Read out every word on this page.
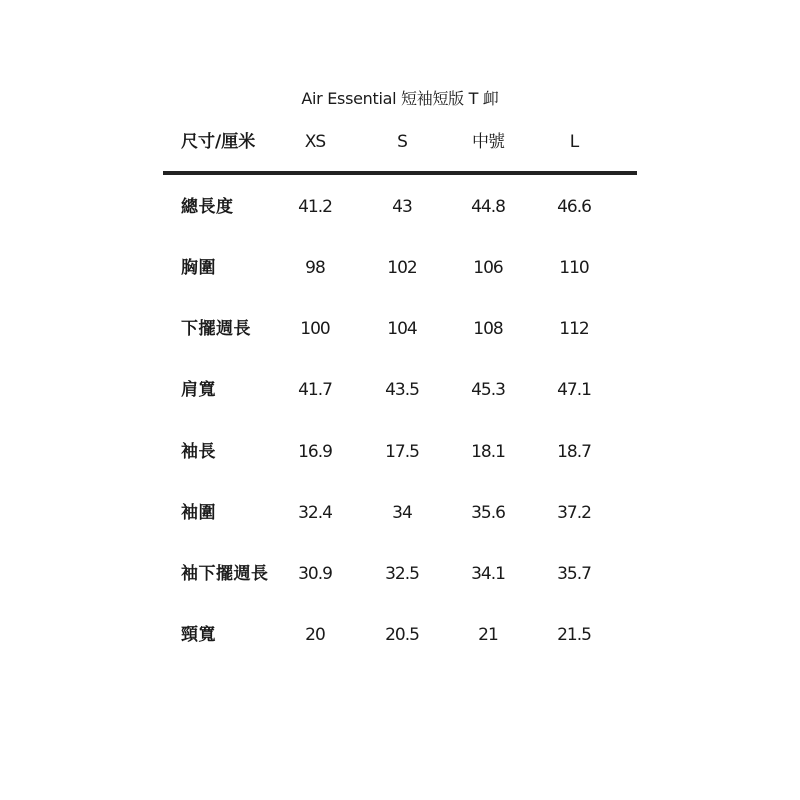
Air Essential 短袖短版 T 卹
尺寸/厘米	XS	S	中號	L
總長度	41.2	43	44.8	46.6
胸圍	98	102	106	110
下擺週長	100	104	108	112
肩寬	41.7	43.5	45.3	47.1
袖長	16.9	17.5	18.1	18.7
袖圍	32.4	34	35.6	37.2
袖下擺週長	30.9	32.5	34.1	35.7
頸寬	20	20.5	21	21.5
